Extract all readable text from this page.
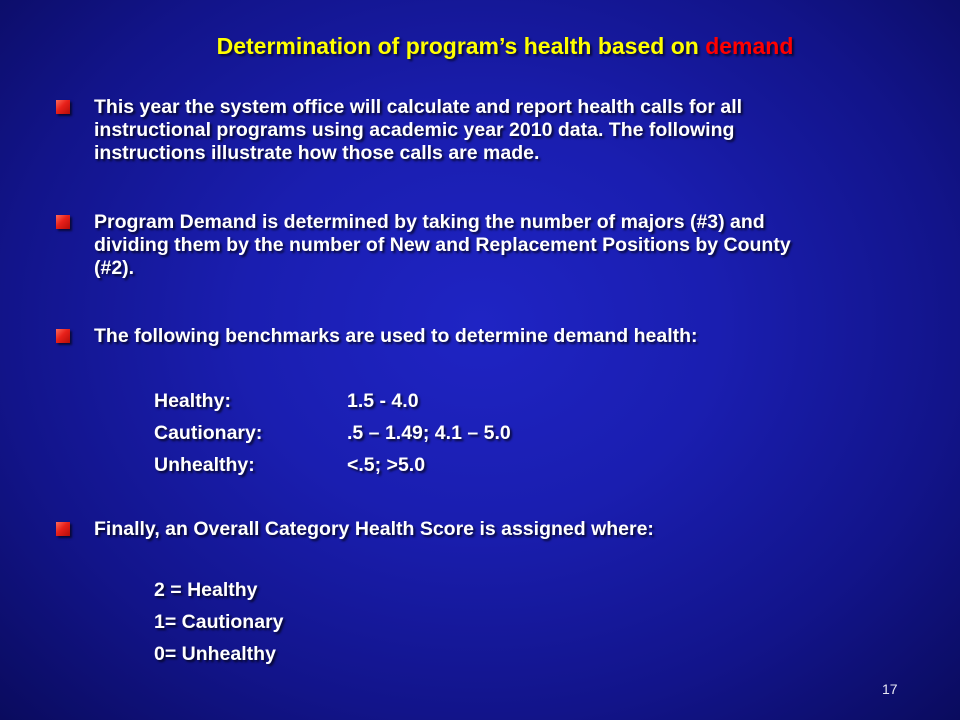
Determination of program’s health based on demand
This year the system office will calculate and report health calls for all
instructional programs using academic year 2010 data. The following
instructions illustrate how those calls are made.
Program Demand is determined by taking the number of majors (#3) and
dividing them by the number of New and Replacement Positions by County
(#2).
The following benchmarks are used to determine demand health:
Healthy:	1.5 - 4.0
Cautionary:	.5 – 1.49; 4.1 – 5.0
Unhealthy:	<.5; >5.0
Finally, an Overall Category Health Score is assigned where:
2 = Healthy
1= Cautionary
0= Unhealthy
17
